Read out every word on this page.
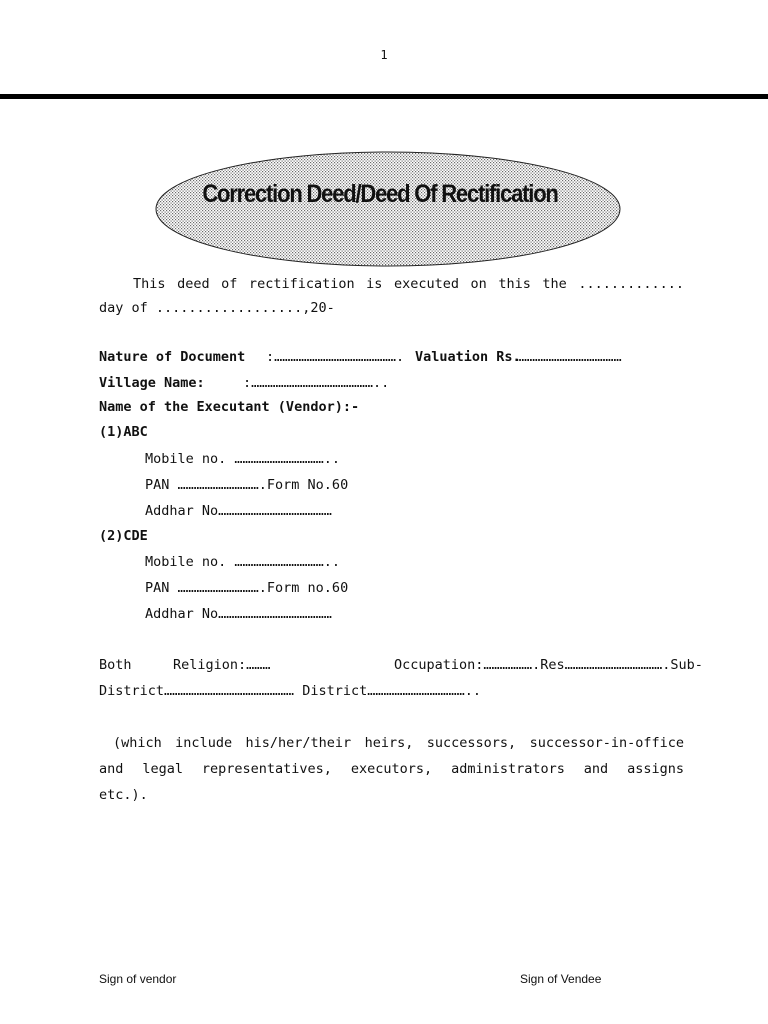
1

Correction Deed/Deed Of Rectification
This deed of rectification is executed on this the .............
day of ..................,20-
Nature of Document :………………………………………. Valuation Rs.
…………………………………
Village Name:	:………………………………………..
Name of the Executant (Vendor):-
(1)ABC
Mobile no. ……………………………..
PAN ………………………….Form No.60
Addhar No……………………………………
(2)CDE
Mobile no. ……………………………..
PAN ………………………….Form no.60
Addhar No……………………………………
Both	Religion:………	Occupation:……………….Res……………………………….Sub-
District………………………………………… District………………………………..
(which include his/her/their heirs, successors, successor-in-office
and legal representatives, executors, administrators and assigns
etc.).
Sign of vendor	Sign of Vendee
